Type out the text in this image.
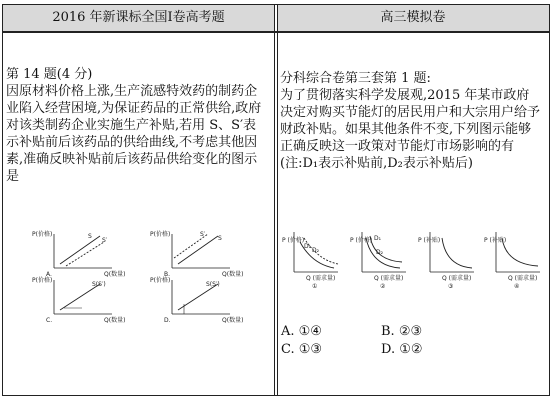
2016 年新课标全国Ⅰ卷高考题	高三模拟卷

第 14 题(4 分)

因原材料价格上涨,生产流感特效药的制药企业陷入经营困境,为保证药品的正常供给,政府对该类制药企业实施生产补贴,若用 S、S′表示补贴前后该药品的供给曲线,不考虑其他因素,准确反映补贴前后该药品供给变化的图示是

P(价格)
Q(数量)
S
S′
A.
P(价格)
Q(数量)
S′
S
B.
P(价格)
Q(数量)
S(S′)
C.
P(价格)
Q(数量)
S(S′)
D.

分科综合卷第三套第 1 题:

为了贯彻落实科学发展观,2015 年某市政府决定对购买节能灯的居民用户和大宗用户给予财政补贴。如果其他条件不变,下列图示能够正确反映这一政策对节能灯市场影响的有(注:D₁表示补贴前,D₂表示补贴后)

P (价格)
Q (需求量)
D₁
D₂
①
P (价格)
Q (需求量)
D₁
D₂
②
P (补贴)
Q (需求量)
③
P (补贴)
Q (需求量)
④
A. ①④	B. ②③
C. ①③	D. ①②
